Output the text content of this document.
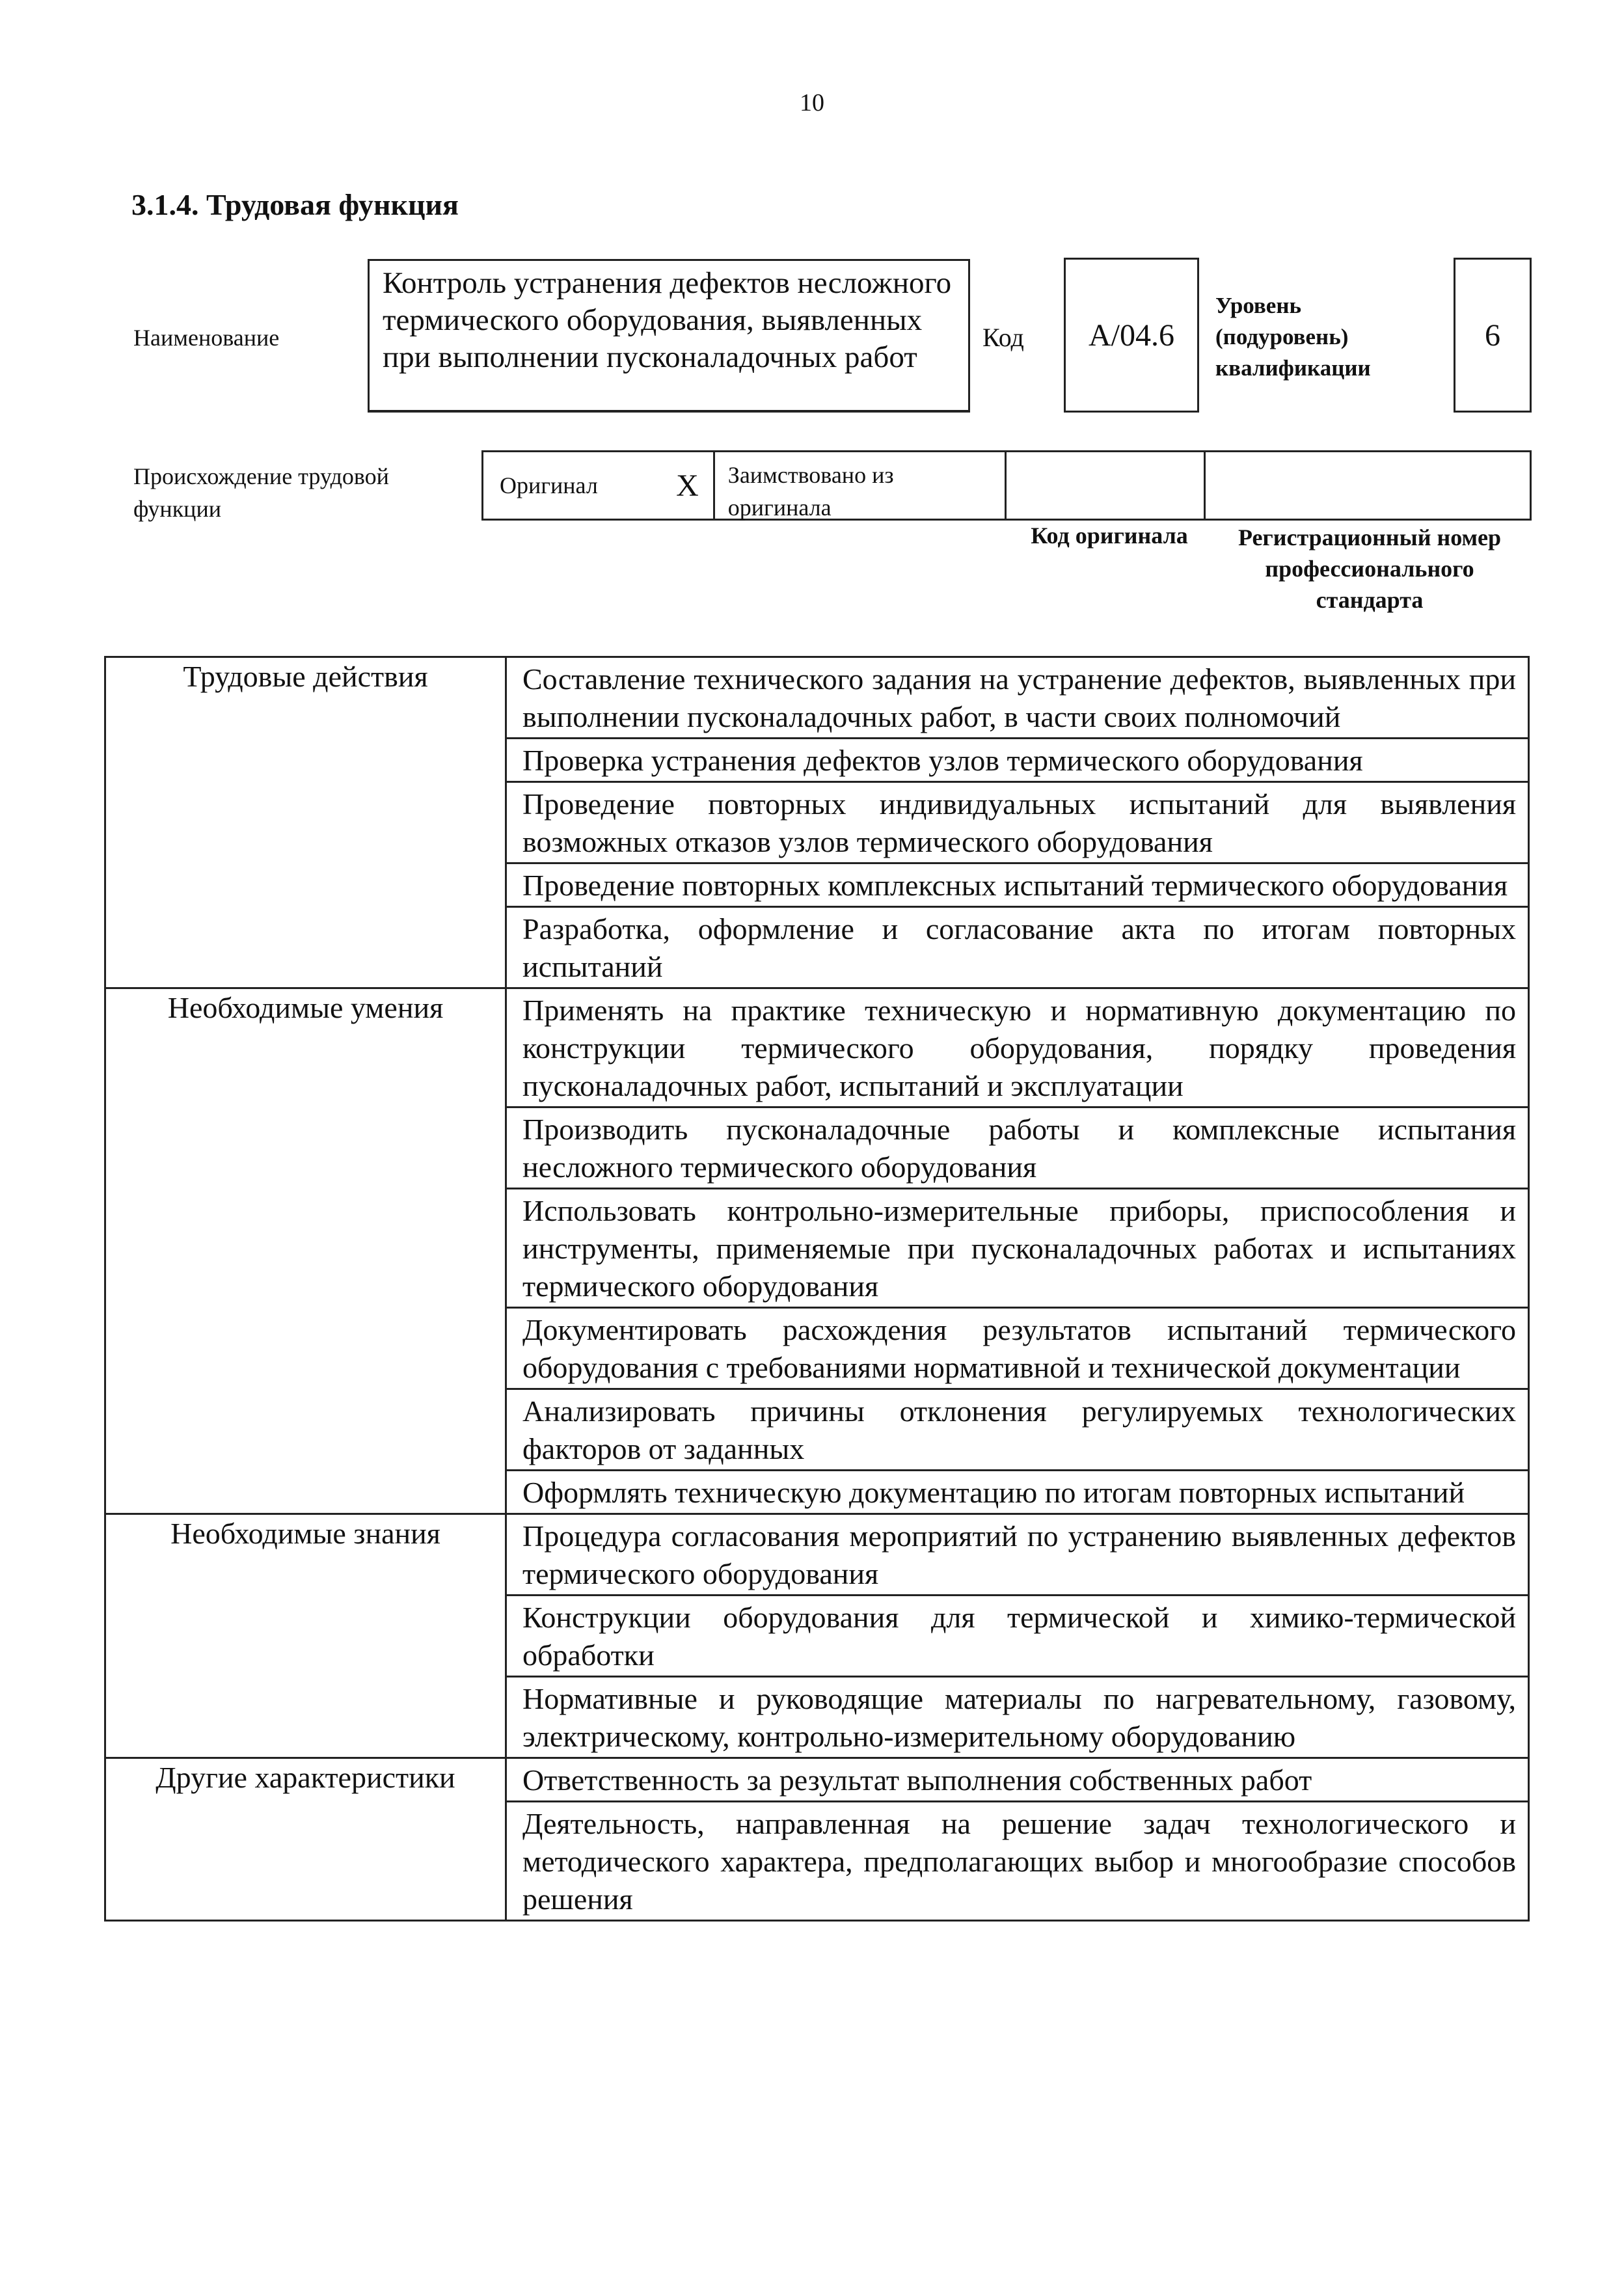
10
3.1.4. Трудовая функция
Наименование
Контроль устранения дефектов несложного термического оборудования, выявленных при выполнении пусконаладочных работ
Код A/04.6
Уровень (подуровень) квалификации
6
Происхождение трудовой функции
Оригинал	X	Заимствовано из оригинала
Код оригинала	Регистрационный номер профессионального стандарта
Трудовые действия	Составление технического задания на устранение дефектов, выявленных при выполнении пусконаладочных работ, в части своих полномочий
	Проверка устранения дефектов узлов термического оборудования
	Проведение повторных индивидуальных испытаний для выявления возможных отказов узлов термического оборудования
	Проведение повторных комплексных испытаний термического оборудования
	Разработка, оформление и согласование акта по итогам повторных испытаний
Необходимые умения	Применять на практике техническую и нормативную документацию по конструкции термического оборудования, порядку проведения пусконаладочных работ, испытаний и эксплуатации
	Производить пусконаладочные работы и комплексные испытания несложного термического оборудования
	Использовать контрольно-измерительные приборы, приспособления и инструменты, применяемые при пусконаладочных работах и испытаниях термического оборудования
	Документировать расхождения результатов испытаний термического оборудования с требованиями нормативной и технической документации
	Анализировать причины отклонения регулируемых технологических факторов от заданных
	Оформлять техническую документацию по итогам повторных испытаний
Необходимые знания	Процедура согласования мероприятий по устранению выявленных дефектов термического оборудования
	Конструкции оборудования для термической и химико-термической обработки
	Нормативные и руководящие материалы по нагревательному, газовому, электрическому, контрольно-измерительному оборудованию
Другие характеристики	Ответственность за результат выполнения собственных работ
	Деятельность, направленная на решение задач технологического и методического характера, предполагающих выбор и многообразие способов решения
